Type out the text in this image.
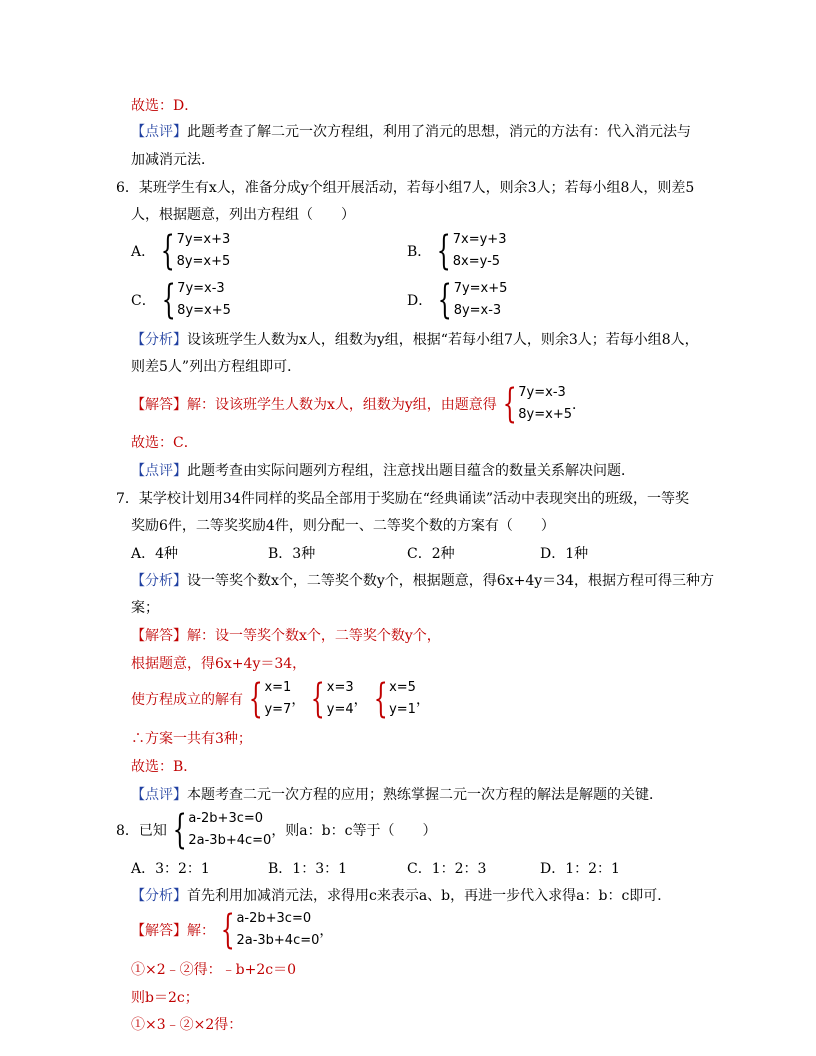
故选：D．
【点评】此题考查了解二元一次方程组，利用了消元的思想，消元的方法有：代入消元法与
加减消元法．
6．某班学生有x人，准备分成y个组开展活动，若每小组7人，则余3人；若每小组8人，则差5
人，根据题意，列出方程组（　　）
A． { 7y=x+3
8y=x+5
B． { 7x=y+3
8x=y-5
C． { 7y=x-3
8y=x+5
D． { 7y=x+5
8y=x-3
【分析】设该班学生人数为x人，组数为y组，根据“若每小组7人，则余3人；若每小组8人，
则差5人”列出方程组即可．
【解答】 解：设该班学生人数为x人，组数为y组，由题意得 { 7y=x-3
8y=x+5
．
故选：C．
【点评】此题考查由实际问题列方程组，注意找出题目蕴含的数量关系解决问题．
7．某学校计划用34件同样的奖品全部用于奖励在“经典诵读”活动中表现突出的班级，一等奖
奖励6件，二等奖奖励4件，则分配一、二等奖个数的方案有（　　）
A．4种	B．3种	C．2种	D．1种
【分析】设一等奖个数x个，二等奖个数y个，根据题意，得6x+4y＝34，根据方程可得三种方
案；
【解答】解：设一等奖个数x个，二等奖个数y个，
根据题意，得6x+4y＝34，
使方程成立的解有 { x=1
y=7
， { x=3
y=4
， { x=5
y=1
，
∴方案一共有3种；
故选：B．
【点评】本题考查二元一次方程的应用；熟练掌握二元一次方程的解法是解题的关键．
8．已知 { a-2b+3c=0
2a-3b+4c=0
，则a：b：c等于（　　）
A．3：2：1	B．1：3：1	C．1：2：3	D．1：2：1
【分析】首先利用加减消元法，求得用c来表示a、b，再进一步代入求得a：b：c即可．
【解答】 解： { a-2b+3c=0
2a-3b+4c=0
，
①×2﹣②得：﹣b+2c＝0
则b＝2c；
①×3﹣②×2得：
